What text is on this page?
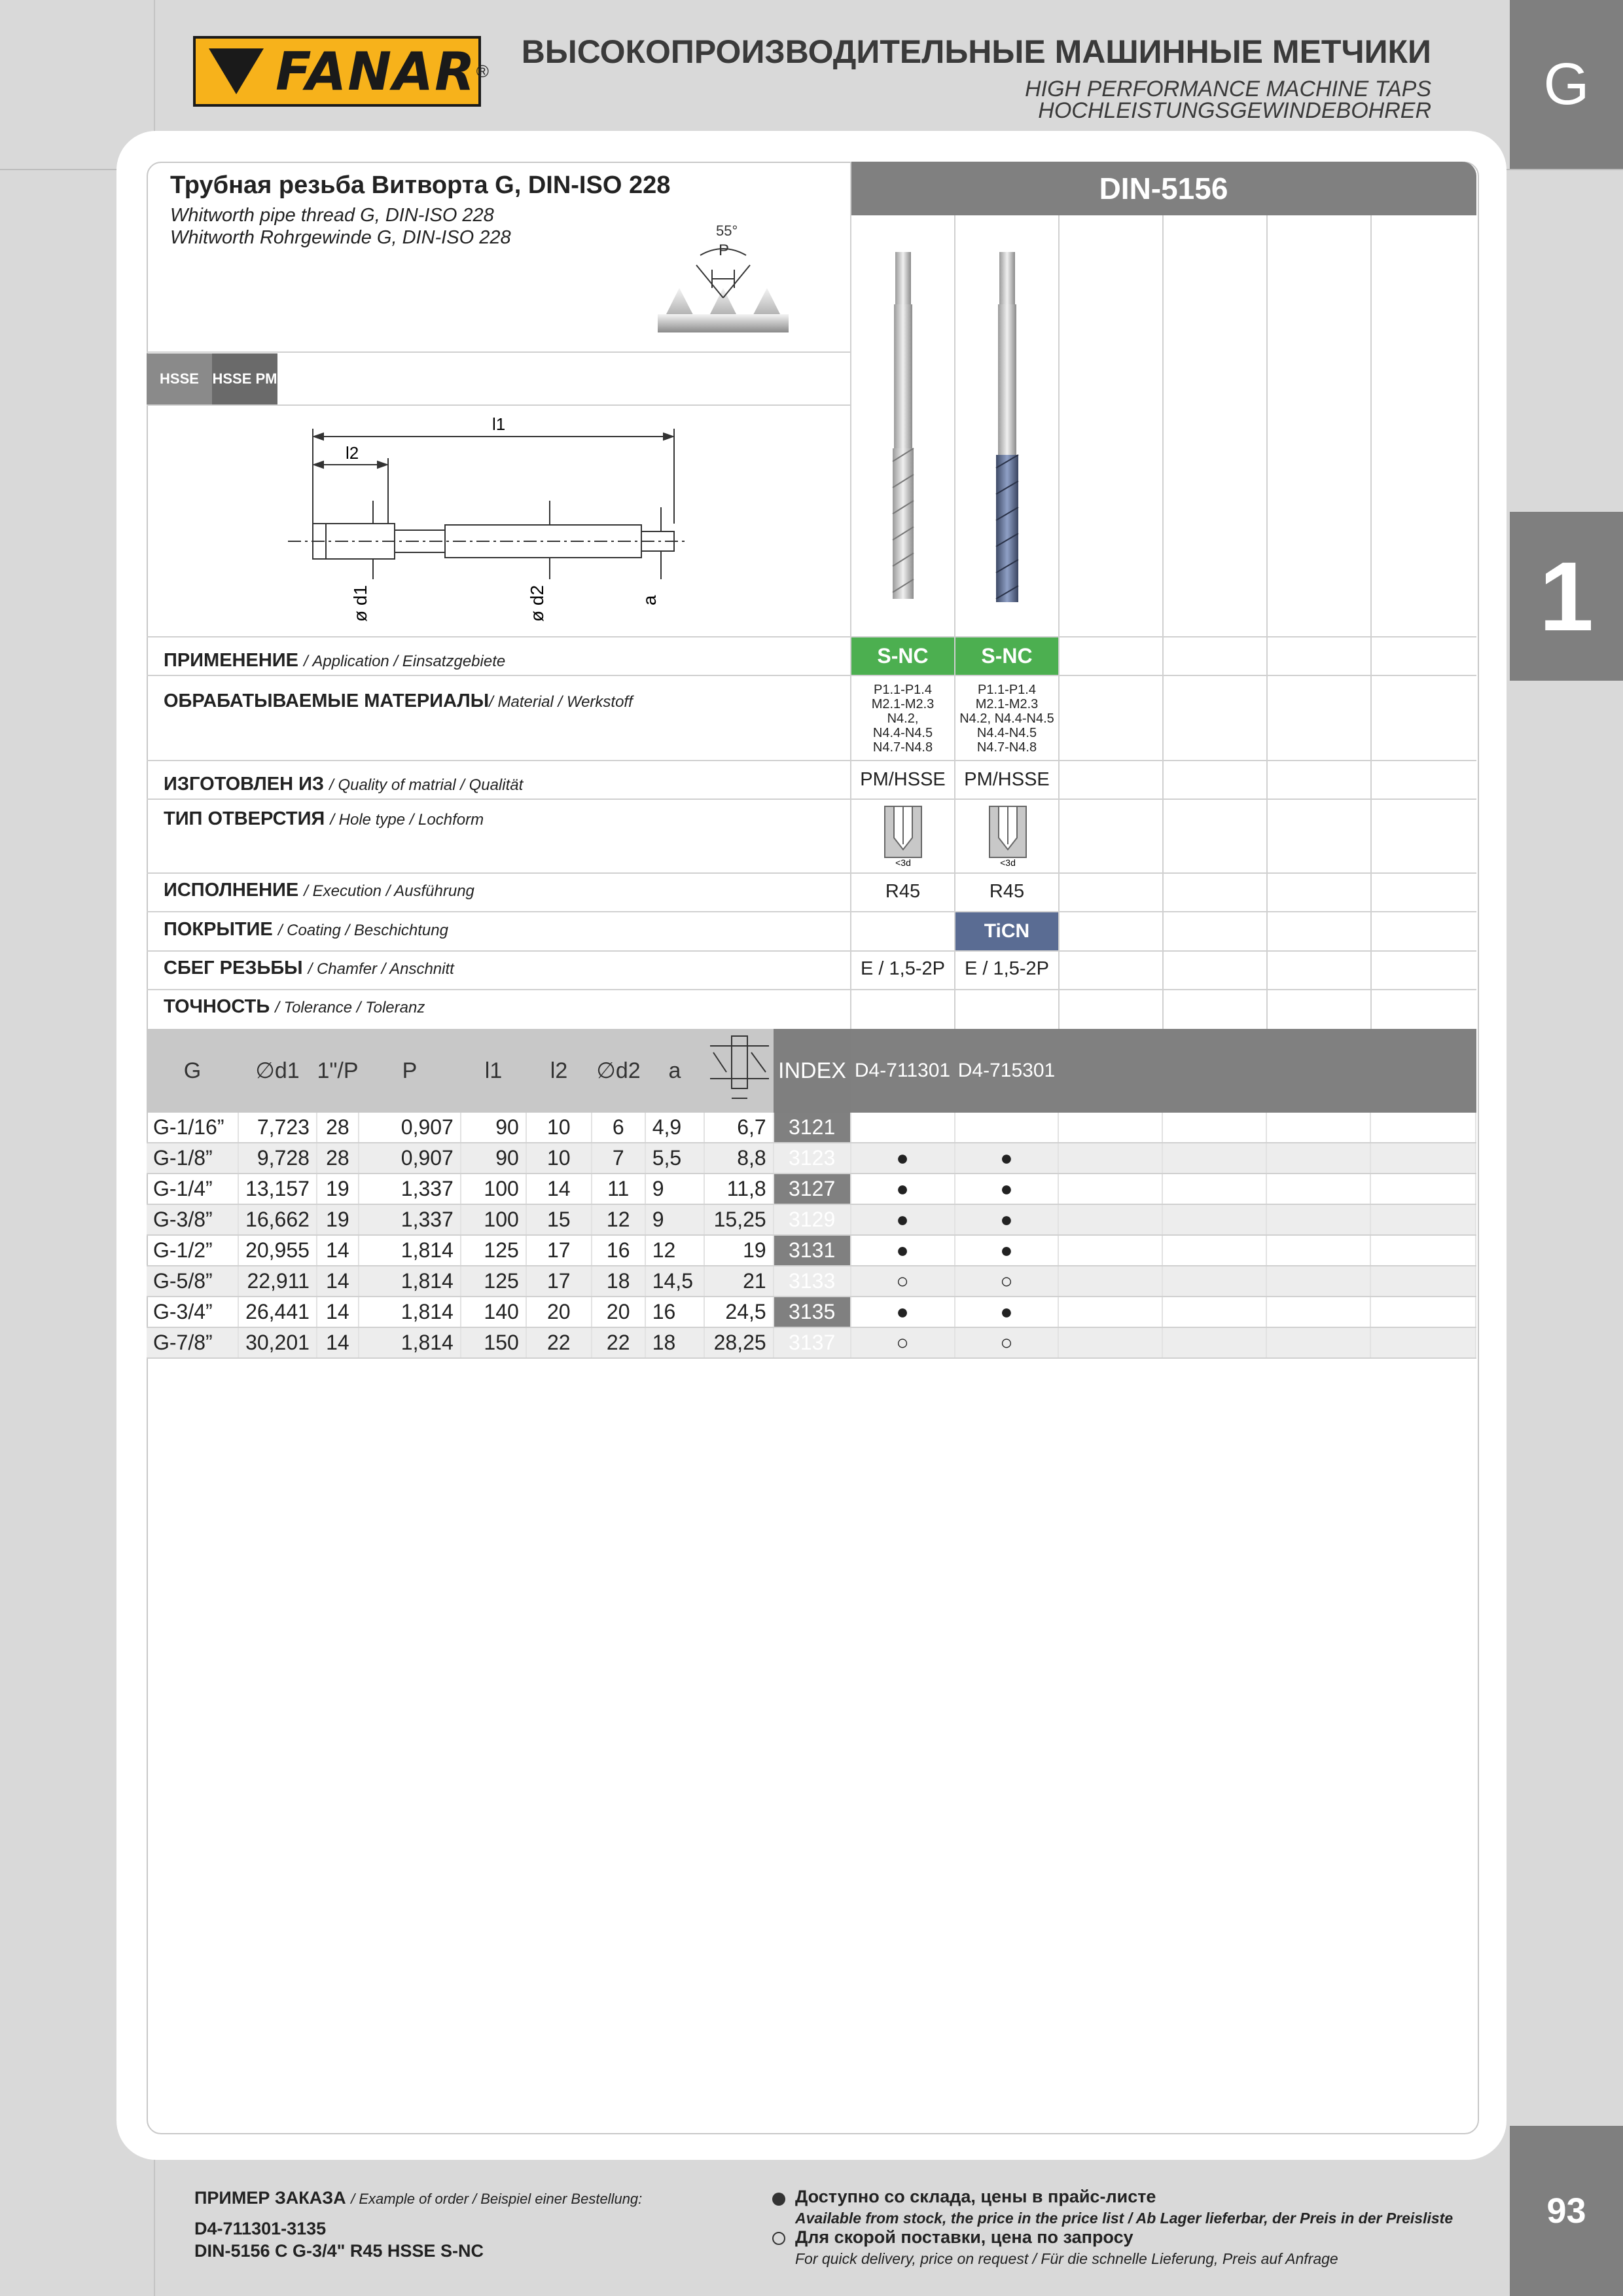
FANAR ®
ВЫСОКОПРОИЗВОДИТЕЛЬНЫЕ МАШИННЫЕ МЕТЧИКИ
HIGH PERFORMANCE MACHINE TAPS
HOCHLEISTUNGSGEWINDEBOHRER	G
1
DIN-5156
Трубная резьба Витворта G, DIN-ISO 228
Whitworth pipe thread G, DIN-ISO 228
Whitworth Rohrgewinde G, DIN-ISO 228	55°
P
HSSE HSSE PM
l1
l2
ø d1	ø d2	a
ПРИМЕНЕНИЕ / Application / Einsatzgebiete
ОБРАБАТЫВАЕМЫЕ МАТЕРИАЛЫ/ Material / Werkstoff
ИЗГОТОВЛЕН ИЗ / Quality of matrial / Qualität
ТИП ОТВЕРСТИЯ / Hole type / Lochform
ИСПОЛНЕНИЕ / Execution / Ausführung
ПОКРЫТИЕ / Coating / Beschichtung
СБЕГ РЕЗЬБЫ / Chamfer / Anschnitt
ТОЧНОСТЬ / Tolerance / Toleranz
S-NC
P1.1-P1.4
M2.1-M2.3
N4.2,
N4.4-N4.5
N4.7-N4.8
PM/HSSE
<3d
R45
E / 1,5-2P
S-NC
P1.1-P1.4
M2.1-M2.3
N4.2, N4.4-N4.5
N4.4-N4.5
N4.7-N4.8
PM/HSSE
<3d
R45
TiCN
E / 1,5-2P
G	∅d1 1"/P	P	l1	l2	∅d2	a	INDEX D4-711301 D4-715301
G-1/16”	7,723	28	0,907	90	10	6	4,9	6,7	3121						
G-1/8”	9,728	28	0,907	90	10	7	5,5	8,8	3123	●	●				
G-1/4”	13,157	19	1,337	100	14	11	9	11,8	3127	●	●				
G-3/8”	16,662	19	1,337	100	15	12	9	15,25	3129	●	●				
G-1/2”	20,955	14	1,814	125	17	16	12	19	3131	●	●				
G-5/8”	22,911	14	1,814	125	17	18	14,5	21	3133	○	○				
G-3/4”	26,441	14	1,814	140	20	20	16	24,5	3135	●	●				
G-7/8”	30,201	14	1,814	150	22	22	18	28,25	3137	○	○				
ПРИМЕР ЗАКАЗА / Example of order / Beispiel einer Bestellung:
D4-711301-3135
DIN-5156 C G-3/4" R45 HSSE S-NC
Доступно со склада, цены в прайс-листе
Available from stock, the price in the price list / Ab Lager lieferbar, der Preis in der Preisliste
Для скорой поставки, цена по запросу
For quick delivery, price on request / Für die schnelle Lieferung, Preis auf Anfrage
93
